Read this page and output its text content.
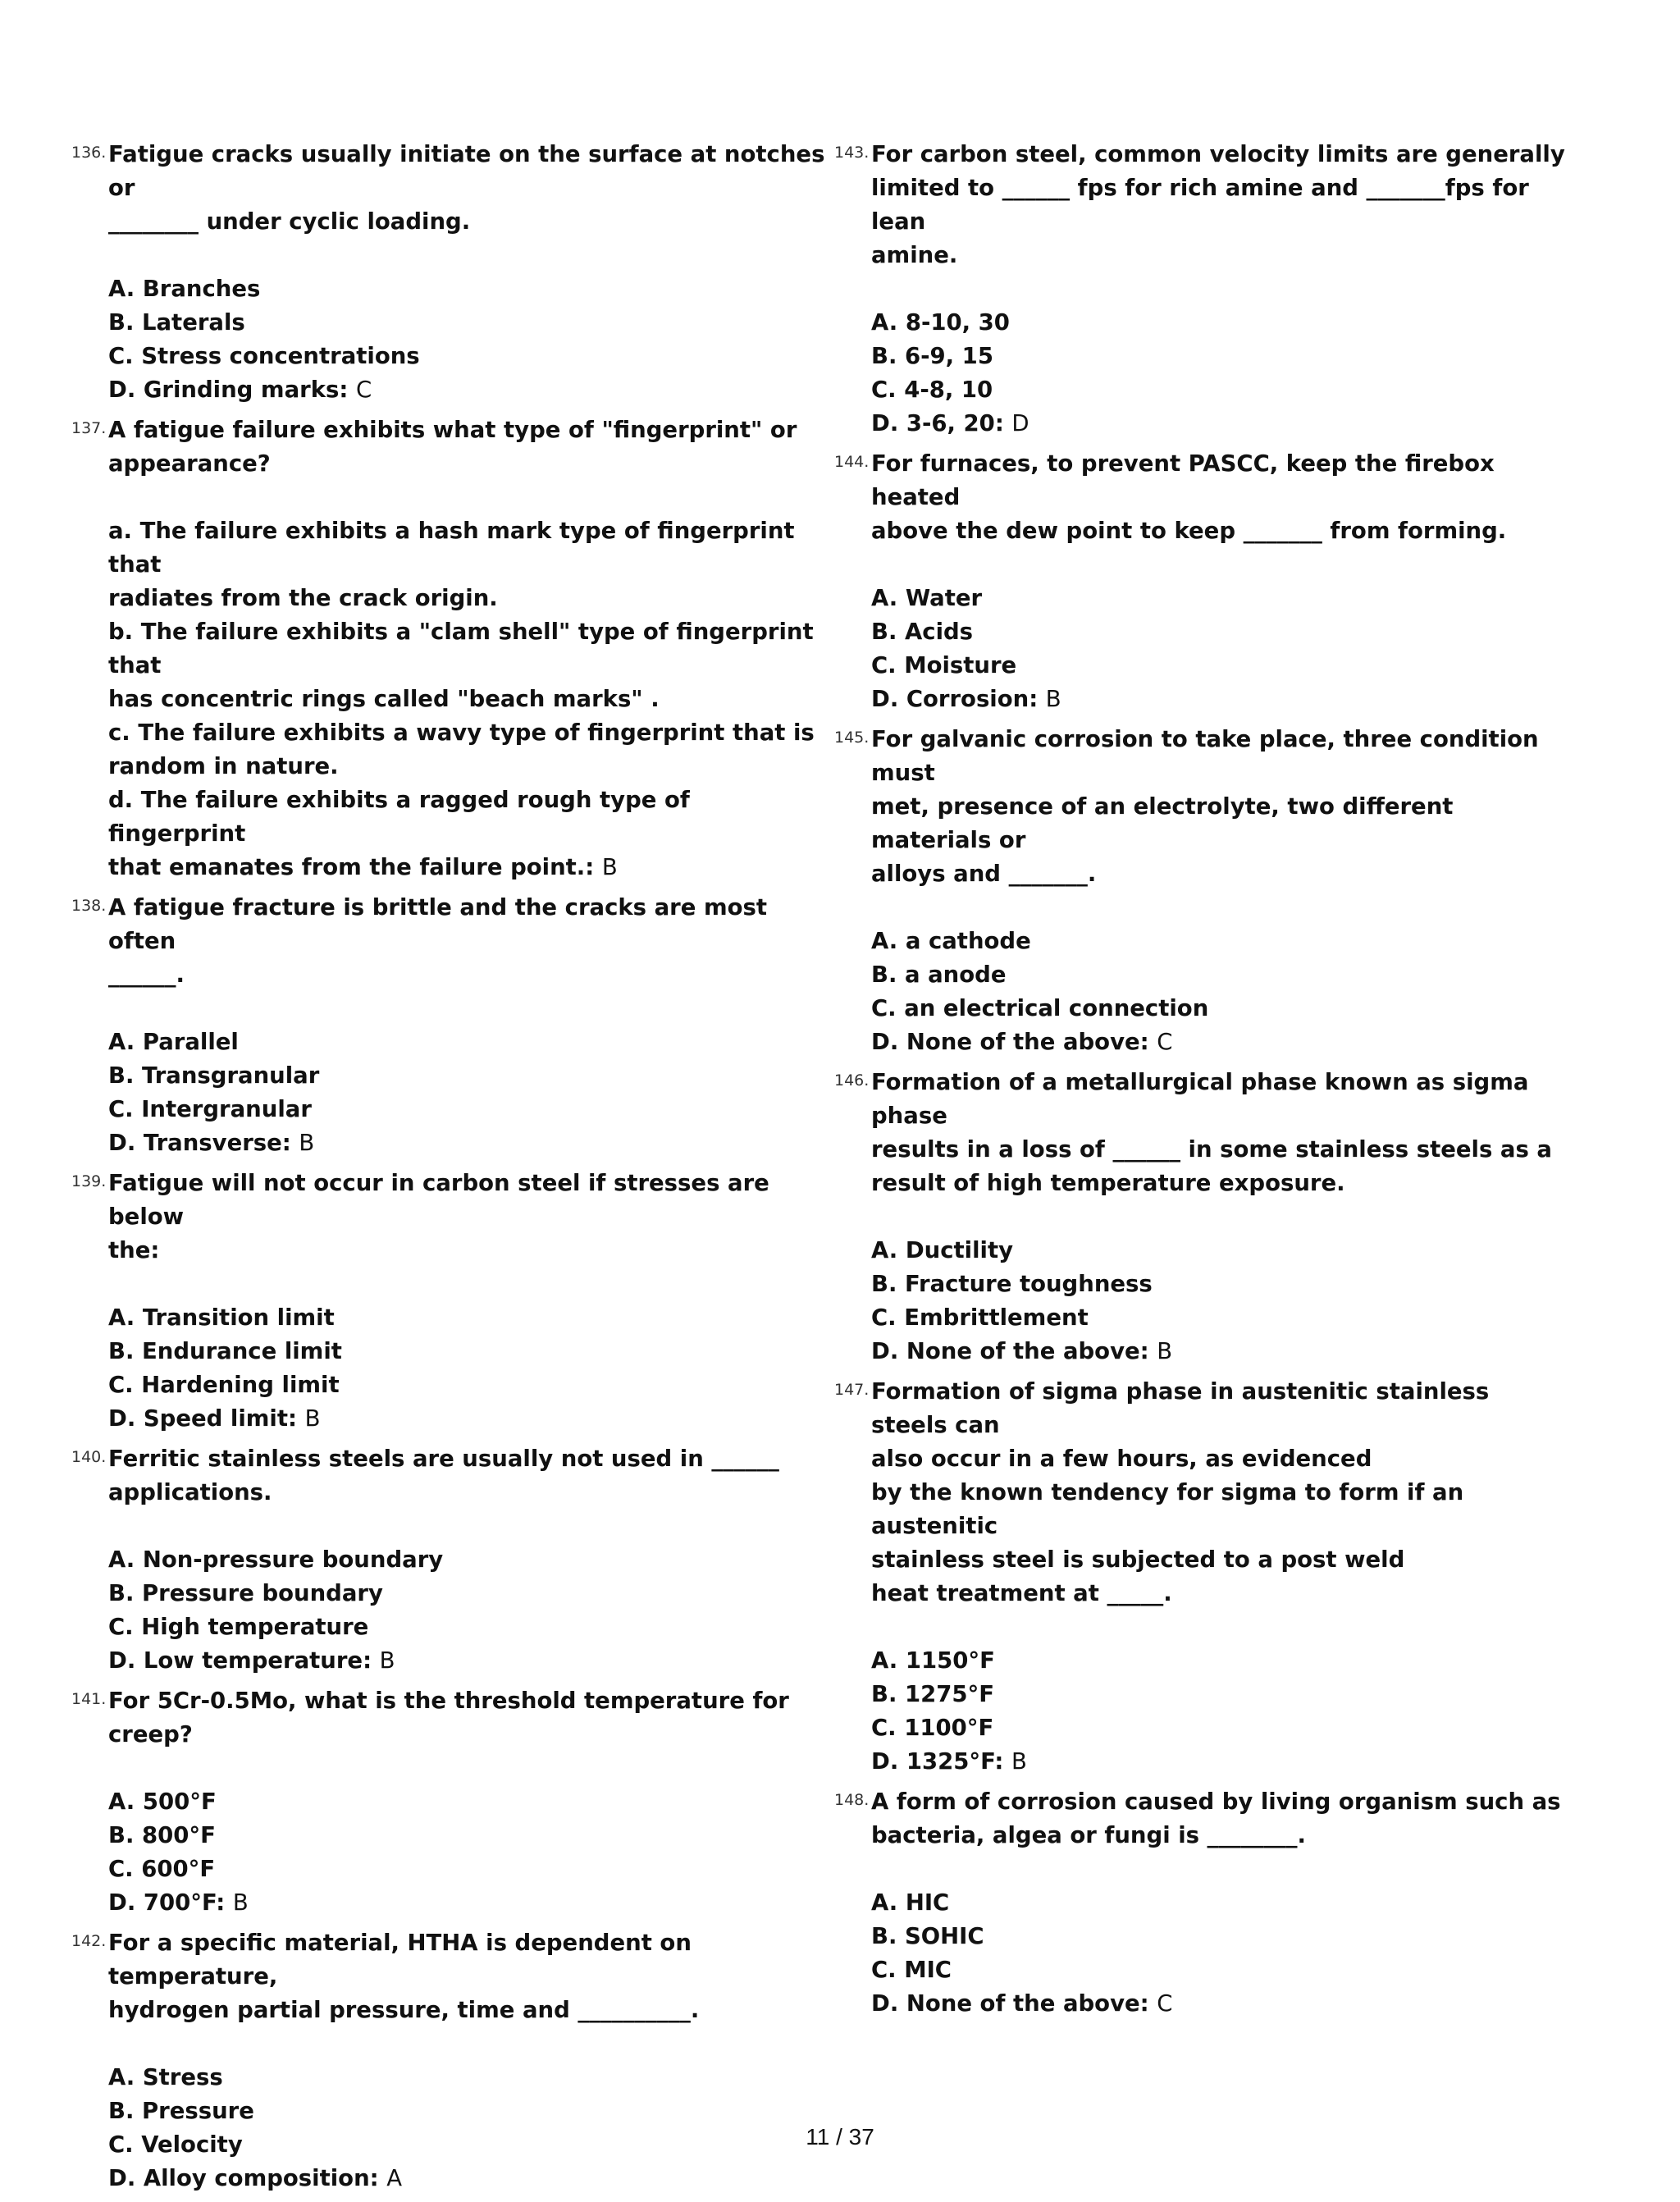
136. Fatigue cracks usually initiate on the surface at notches or
________ under cyclic loading.
A. Branches
B. Laterals
C. Stress concentrations
D. Grinding marks: C
137. A fatigue failure exhibits what type of "fingerprint" or
appearance?
a. The failure exhibits a hash mark type of fingerprint that
radiates from the crack origin.
b. The failure exhibits a "clam shell" type of fingerprint that
has concentric rings called "beach marks" .
c. The failure exhibits a wavy type of fingerprint that is
random in nature.
d. The failure exhibits a ragged rough type of fingerprint
that emanates from the failure point.: B
138. A fatigue fracture is brittle and the cracks are most often
______.
A. Parallel
B. Transgranular
C. Intergranular
D. Transverse: B
139. Fatigue will not occur in carbon steel if stresses are below
the:
A. Transition limit
B. Endurance limit
C. Hardening limit
D. Speed limit: B
140. Ferritic stainless steels are usually not used in ______
applications.
A. Non-pressure boundary
B. Pressure boundary
C. High temperature
D. Low temperature: B
141. For 5Cr-0.5Mo, what is the threshold temperature for creep?
A. 500°F
B. 800°F
C. 600°F
D. 700°F: B
142. For a specific material, HTHA is dependent on temperature,
hydrogen partial pressure, time and __________.
A. Stress
B. Pressure
C. Velocity
D. Alloy composition: A
143. For carbon steel, common velocity limits are generally
limited to ______ fps for rich amine and _______fps for lean
amine.
A. 8-10, 30
B. 6-9, 15
C. 4-8, 10
D. 3-6, 20: D
144. For furnaces, to prevent PASCC, keep the firebox heated
above the dew point to keep _______ from forming.
A. Water
B. Acids
C. Moisture
D. Corrosion: B
145. For galvanic corrosion to take place, three condition must
met, presence of an electrolyte, two different materials or
alloys and _______.
A. a cathode
B. a anode
C. an electrical connection
D. None of the above: C
146. Formation of a metallurgical phase known as sigma phase
results in a loss of ______ in some stainless steels as a
result of high temperature exposure.
A. Ductility
B. Fracture toughness
C. Embrittlement
D. None of the above: B
147. Formation of sigma phase in austenitic stainless steels can
also occur in a few hours, as evidenced
by the known tendency for sigma to form if an austenitic
stainless steel is subjected to a post weld
heat treatment at _____.
A. 1150°F
B. 1275°F
C. 1100°F
D. 1325°F: B
148. A form of corrosion caused by living organism such as
bacteria, algea or fungi is ________.
A. HIC
B. SOHIC
C. MIC
D. None of the above: C
11 / 37
